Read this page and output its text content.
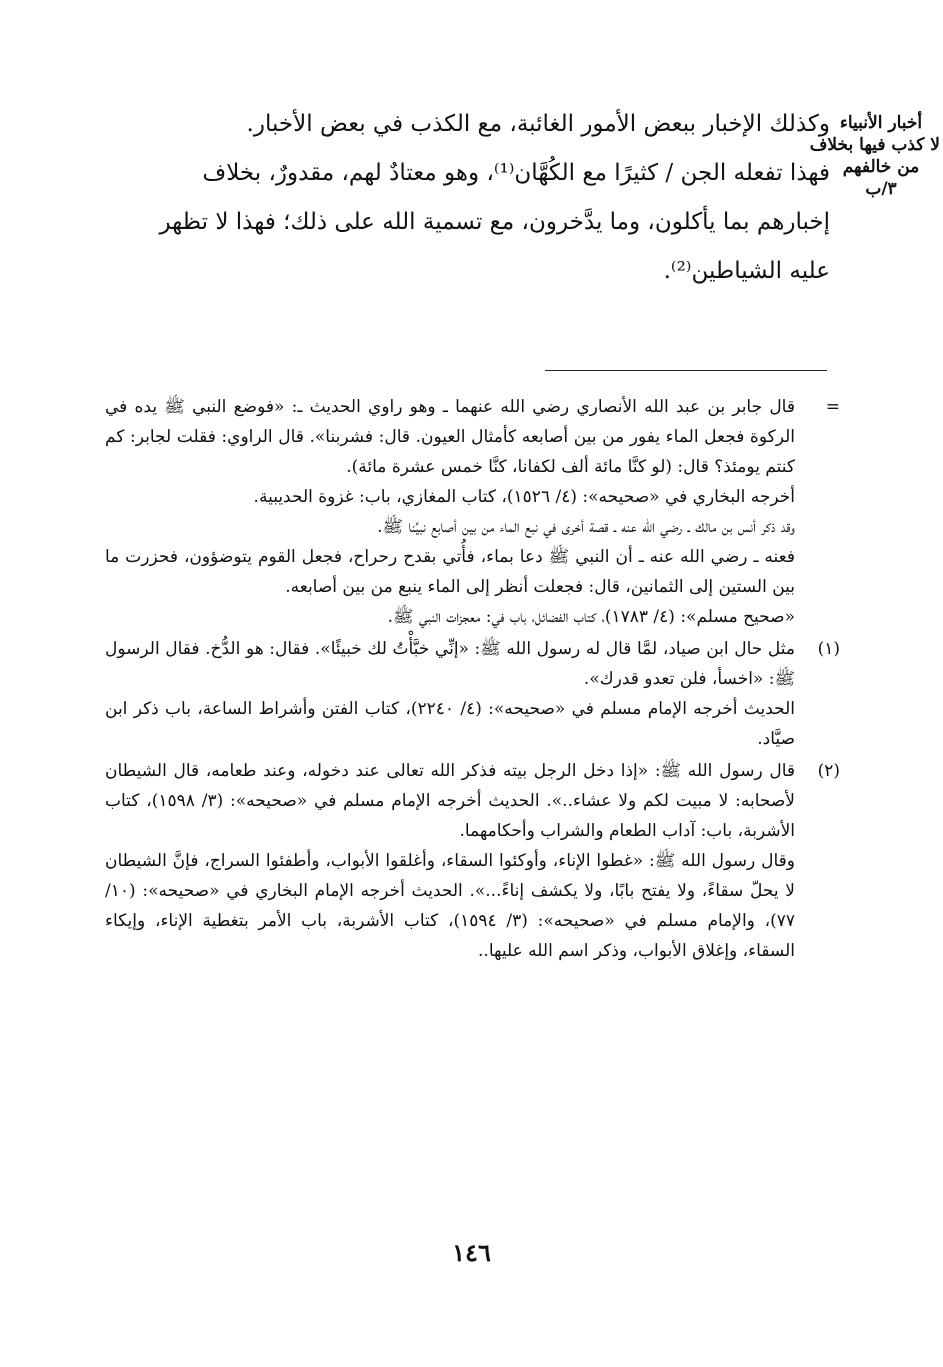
أخبار الأنبياء
لا كذب فيها بخلاف
من خالفهم
٣/ب

وكذلك الإخبار ببعض الأمور الغائبة، مع الكذب في بعض الأخبار.

فهذا تفعله الجن / كثيرًا مع الكُهَّان⁽¹⁾، وهو معتادٌ لهم، مقدورٌ، بخلاف

إخبارهم بما يأكلون، وما يدَّخرون، مع تسمية الله على ذلك؛ فهذا لا تظهر

عليه الشياطين⁽²⁾.

=

قال جابر بن عبد الله الأنصاري رضي الله عنهما ـ وهو راوي الحديث ـ: «فوضع النبي ﷺ يده في الركوة فجعل الماء يفور من بين أصابعه كأمثال العيون. قال: فشربنا». قال الراوي: فقلت لجابر: كم كنتم يومئذ؟ قال: (لو كنَّا مائة ألف لكفانا، كنَّا خمس عشرة مائة).

أخرجه البخاري في «صحيحه»: (٤/ ١٥٢٦)، كتاب المغازي، باب: غزوة الحديبية.

وقد ذكر أنس بن مالك ـ رضي الله عنه ـ قصة أخرى في نبع الماء من بين أصابع نبيِّنا ﷺ.

فعنه ـ رضي الله عنه ـ أن النبي ﷺ دعا بماء، فأُتي بقدح رحراح، فجعل القوم يتوضؤون، فحزرت ما بين الستين إلى الثمانين، قال: فجعلت أنظر إلى الماء ينبع من بين أصابعه.

«صحيح مسلم»: (٤/ ١٧٨٣)، كتاب الفضائل، باب في: معجزات النبي ﷺ.

(١)

مثل حال ابن صياد، لمَّا قال له رسول الله ﷺ: «إنِّي خبَّأْتُ لك خبيئًا». فقال: هو الدُّخ. فقال الرسول ﷺ: «اخسأ، فلن تعدو قدرك».

الحديث أخرجه الإمام مسلم في «صحيحه»: (٤/ ٢٢٤٠)، كتاب الفتن وأشراط الساعة، باب ذكر ابن صيَّاد.

(٢)

قال رسول الله ﷺ: «إذا دخل الرجل بيته فذكر الله تعالى عند دخوله، وعند طعامه، قال الشيطان لأصحابه: لا مبيت لكم ولا عشاء..». الحديث أخرجه الإمام مسلم في «صحيحه»: (٣/ ١٥٩٨)، كتاب الأشربة، باب: آداب الطعام والشراب وأحكامهما.

وقال رسول الله ﷺ: «غطوا الإناء، وأوكئوا السقاء، وأغلقوا الأبواب، وأطفئوا السراج، فإنَّ الشيطان لا يحلّ سقاءً، ولا يفتح بابًا، ولا يكشف إناءً...». الحديث أخرجه الإمام البخاري في «صحيحه»: (١٠/ ٧٧)، والإمام مسلم في «صحيحه»: (٣/ ١٥٩٤)، كتاب الأشربة، باب الأمر بتغطية الإناء، وإيكاء السقاء، وإغلاق الأبواب، وذكر اسم الله عليها..

١٤٦
